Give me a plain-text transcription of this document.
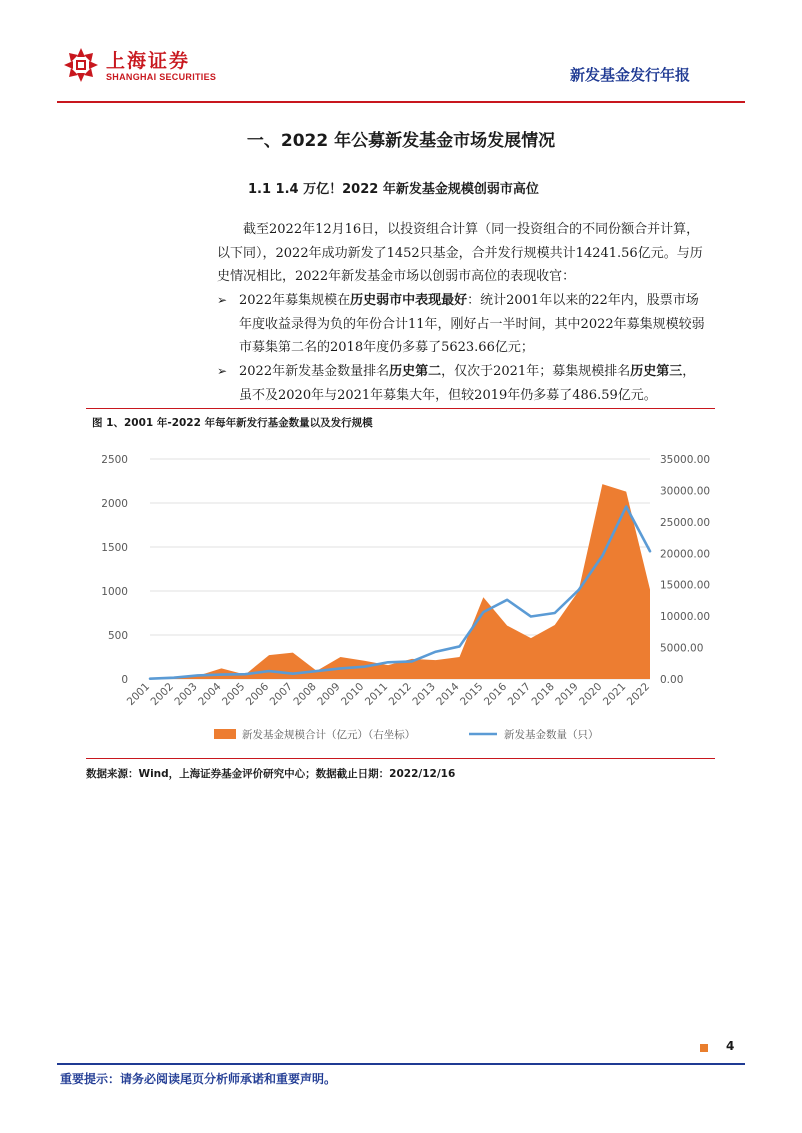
上海证券
SHANGHAI SECURITIES	新发基金发行年报
一、2022 年公募新发基金市场发展情况
1.1 1.4 万亿！2022 年新发基金规模创弱市高位
截至2022年12月16日，以投资组合计算（同一投资组合的不同份额合并计算，以下同），2022年成功新发了1452只基金，合并发行规模共计14241.56亿元。与历史情况相比，2022年新发基金市场以创弱市高位的表现收官：
➢ 2022年募集规模在历史弱市中表现最好：统计2001年以来的22年内，股票市场年度收益录得为负的年份合计11年，刚好占一半时间，其中2022年募集规模较弱市募集第二名的2018年度仍多募了5623.66亿元；
➢ 2022年新发基金数量排名历史第二，仅次于2021年；募集规模排名历史第三，虽不及2020年与2021年募集大年，但较2019年仍多募了486.59亿元。
图 1、2001 年-2022 年每年新发行基金数量以及发行规模
0
500
1000
1500
2000
2500
0.00
5000.00
10000.00
15000.00
20000.00
25000.00
30000.00
35000.00
2001
2002
2003
2004
2005
2006
2007
2008
2009
2010
2011
2012
2013
2014
2015
2016
2017
2018
2019
2020
2021
2022
新发基金规模合计（亿元）（右坐标）	新发基金数量（只）
数据来源：Wind，上海证券基金评价研究中心；数据截止日期：2022/12/16
4
重要提示：请务必阅读尾页分析师承诺和重要声明。
